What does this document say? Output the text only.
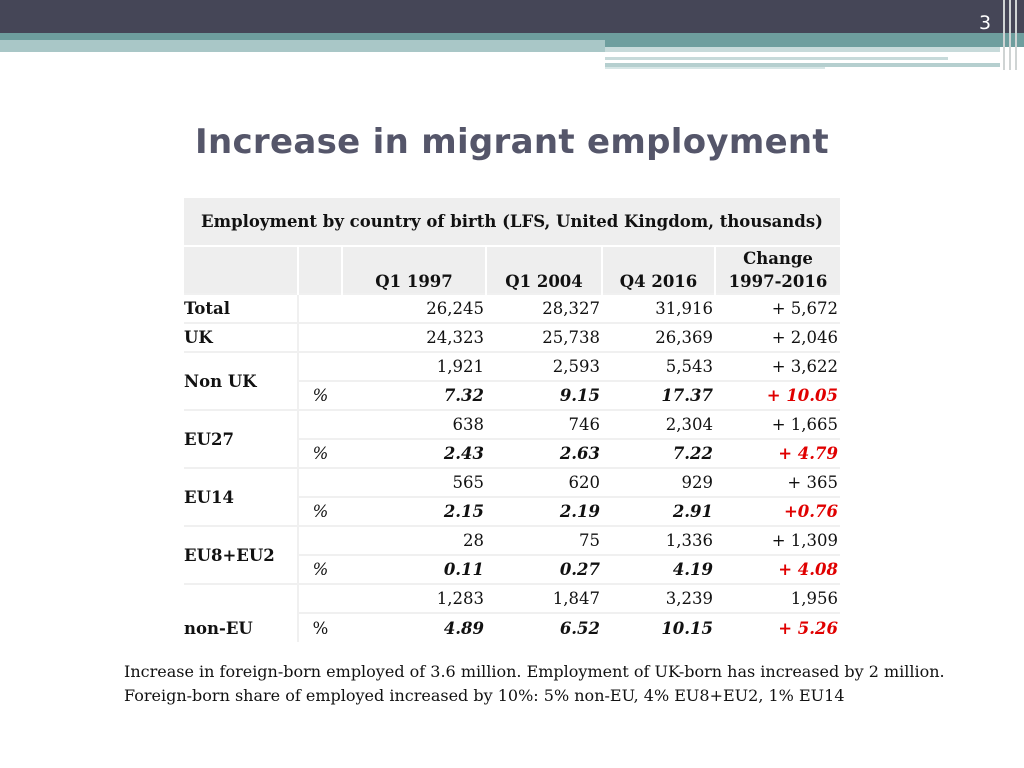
3
Increase in migrant employment
Employment by country of birth (LFS, United Kingdom, thousands)					
		Q1 1997	Q1 2004	Q4 2016	Change
1997-2016
Total		26,245	28,327	31,916	+ 5,672
UK		24,323	25,738	26,369	+ 2,046
Non UK		1,921	2,593	5,543	+ 3,622
	%	7.32	9.15	17.37	+ 10.05
EU27		638	746	2,304	+ 1,665
	%	2.43	2.63	7.22	+ 4.79
EU14		565	620	929	+ 365
	%	2.15	2.19	2.91	+0.76
EU8+EU2		28	75	1,336	+ 1,309
	%	0.11	0.27	4.19	+ 4.08
non-EU		1,283	1,847	3,239	1,956
	%	4.89	6.52	10.15	+ 5.26

Increase in foreign-born employed of 3.6 million. Employment of UK-born has increased by 2 million.

Foreign-born share of employed increased by 10%: 5% non-EU, 4% EU8+EU2, 1% EU14
